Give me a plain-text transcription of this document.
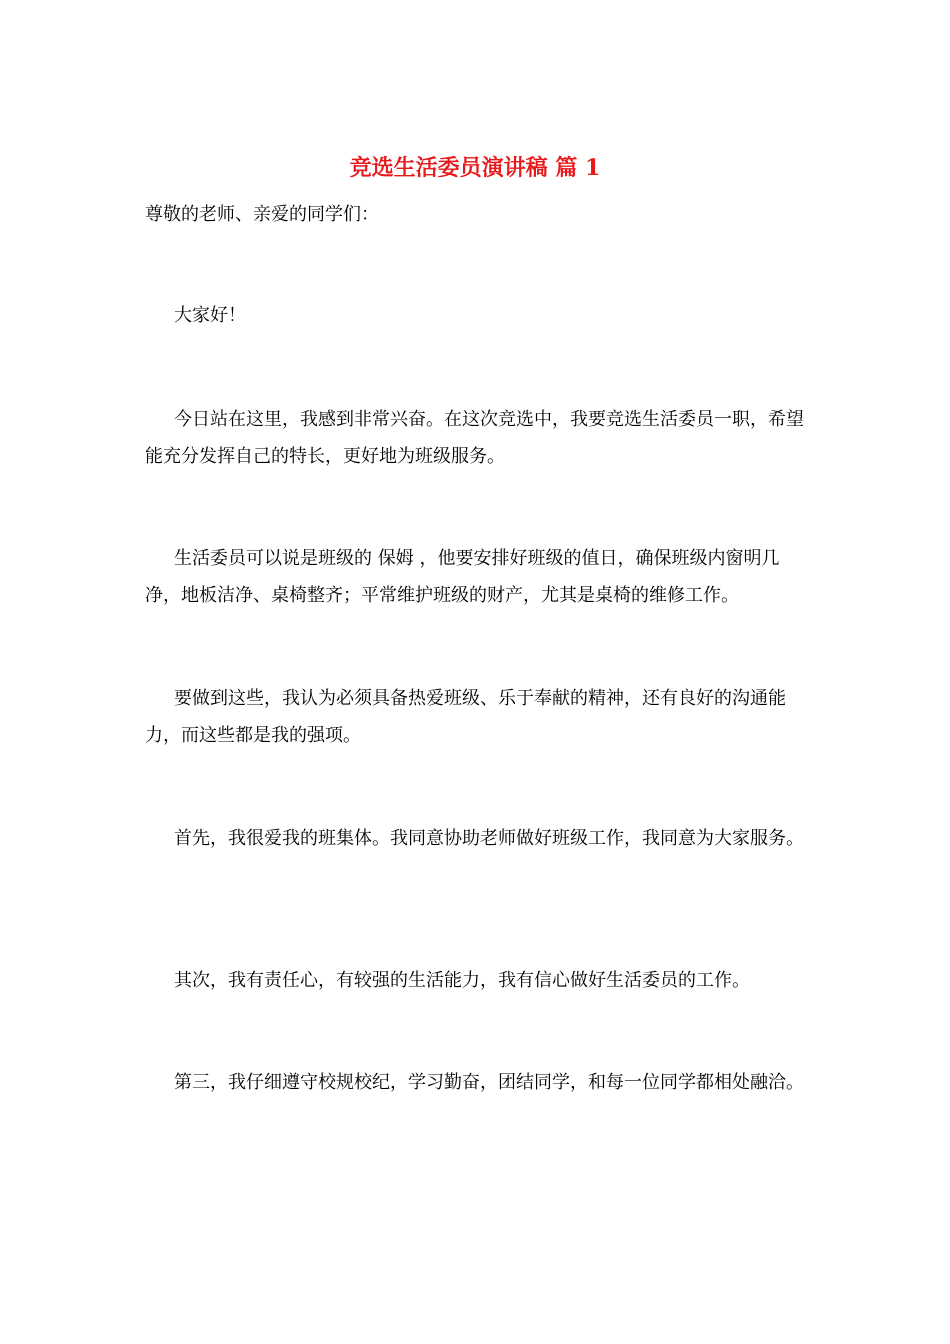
竞选生活委员演讲稿 篇 1

尊敬的老师、亲爱的同学们：

大家好！

今日站在这里，我感到非常兴奋。在这次竞选中，我要竞选生活委员一职，希望能充分发挥自己的特长，更好地为班级服务。

生活委员可以说是班级的 保姆 ，他要安排好班级的值日，确保班级内窗明几净，地板洁净、桌椅整齐；平常维护班级的财产，尤其是桌椅的维修工作。

要做到这些，我认为必须具备热爱班级、乐于奉献的精神，还有良好的沟通能力，而这些都是我的强项。

首先，我很爱我的班集体。我同意协助老师做好班级工作，我同意为大家服务。

其次，我有责任心，有较强的生活能力，我有信心做好生活委员的工作。

第三，我仔细遵守校规校纪，学习勤奋，团结同学，和每一位同学都相处融洽。
